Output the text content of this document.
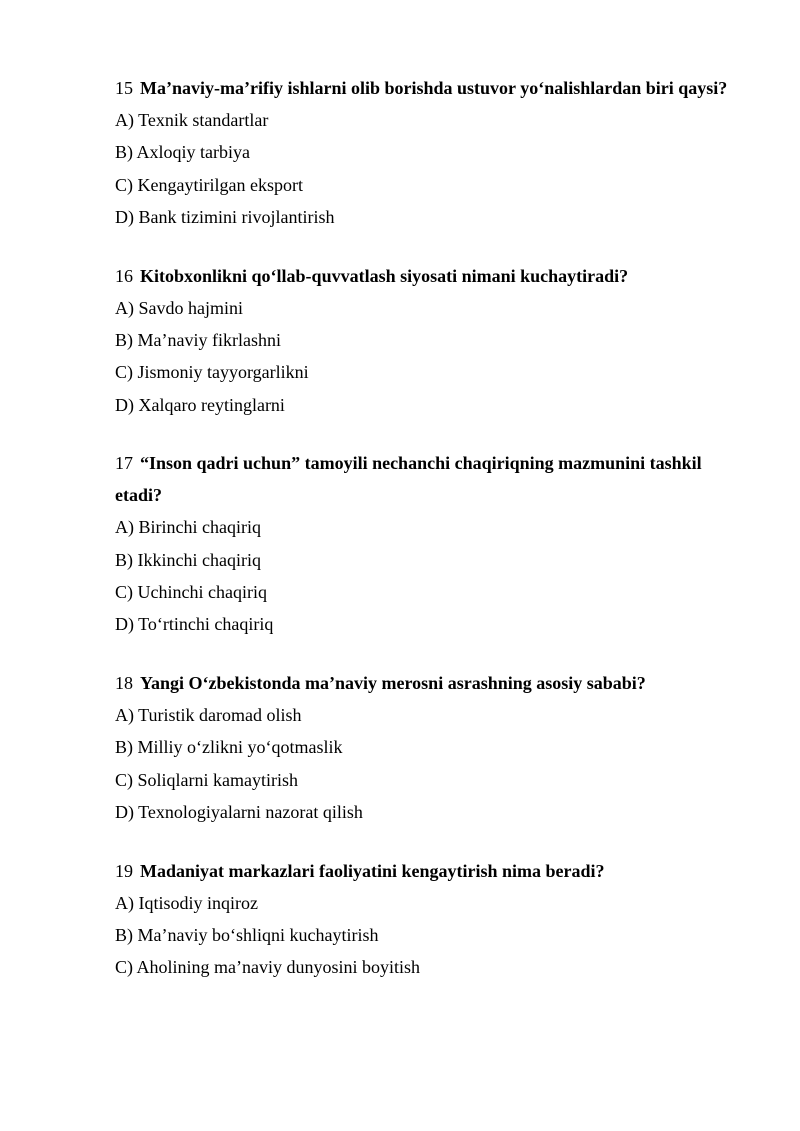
15 Ma’naviy-ma’rifiy ishlarni olib borishda ustuvor yo‘nalishlardan biri qaysi?

A) Texnik standartlar

B) Axloqiy tarbiya

C) Kengaytirilgan eksport

D) Bank tizimini rivojlantirish

16 Kitobxonlikni qo‘llab-quvvatlash siyosati nimani kuchaytiradi?

A) Savdo hajmini

B) Ma’naviy fikrlashni

C) Jismoniy tayyorgarlikni

D) Xalqaro reytinglarni

17 “Inson qadri uchun” tamoyili nechanchi chaqiriqning mazmunini tashkil etadi?

A) Birinchi chaqiriq

B) Ikkinchi chaqiriq

C) Uchinchi chaqiriq

D) To‘rtinchi chaqiriq

18 Yangi O‘zbekistonda ma’naviy merosni asrashning asosiy sababi?

A) Turistik daromad olish

B) Milliy o‘zlikni yo‘qotmaslik

C) Soliqlarni kamaytirish

D) Texnologiyalarni nazorat qilish

19 Madaniyat markazlari faoliyatini kengaytirish nima beradi?

A) Iqtisodiy inqiroz

B) Ma’naviy bo‘shliqni kuchaytirish

C) Aholining ma’naviy dunyosini boyitish
